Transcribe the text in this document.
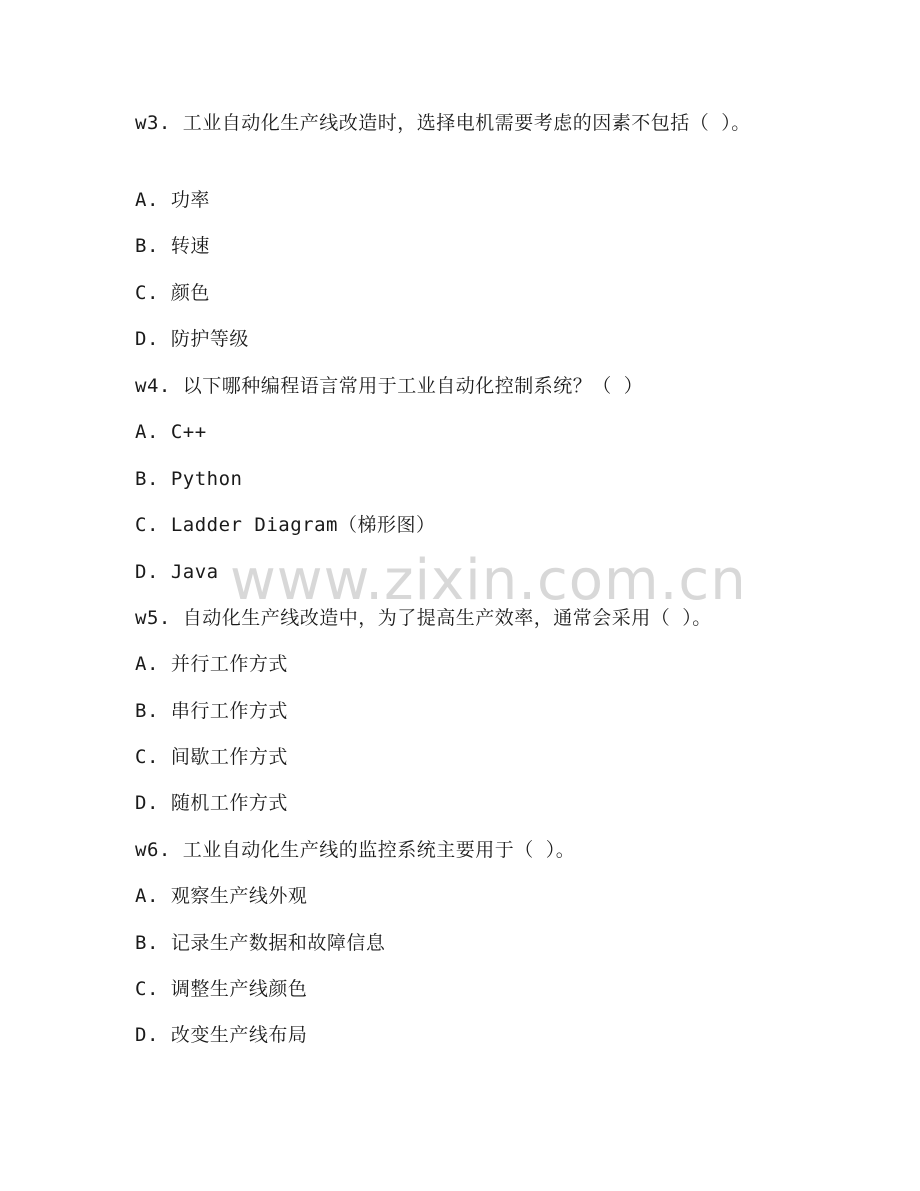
www.zixin.com.cn
w3. 工业自动化生产线改造时，选择电机需要考虑的因素不包括（ ）。
A. 功率
B. 转速
C. 颜色
D. 防护等级
w4. 以下哪种编程语言常用于工业自动化控制系统？（ ）
A. C++
B. Python
C. Ladder Diagram（梯形图）
D. Java
w5. 自动化生产线改造中，为了提高生产效率，通常会采用（ ）。
A. 并行工作方式
B. 串行工作方式
C. 间歇工作方式
D. 随机工作方式
w6. 工业自动化生产线的监控系统主要用于（ ）。
A. 观察生产线外观
B. 记录生产数据和故障信息
C. 调整生产线颜色
D. 改变生产线布局
